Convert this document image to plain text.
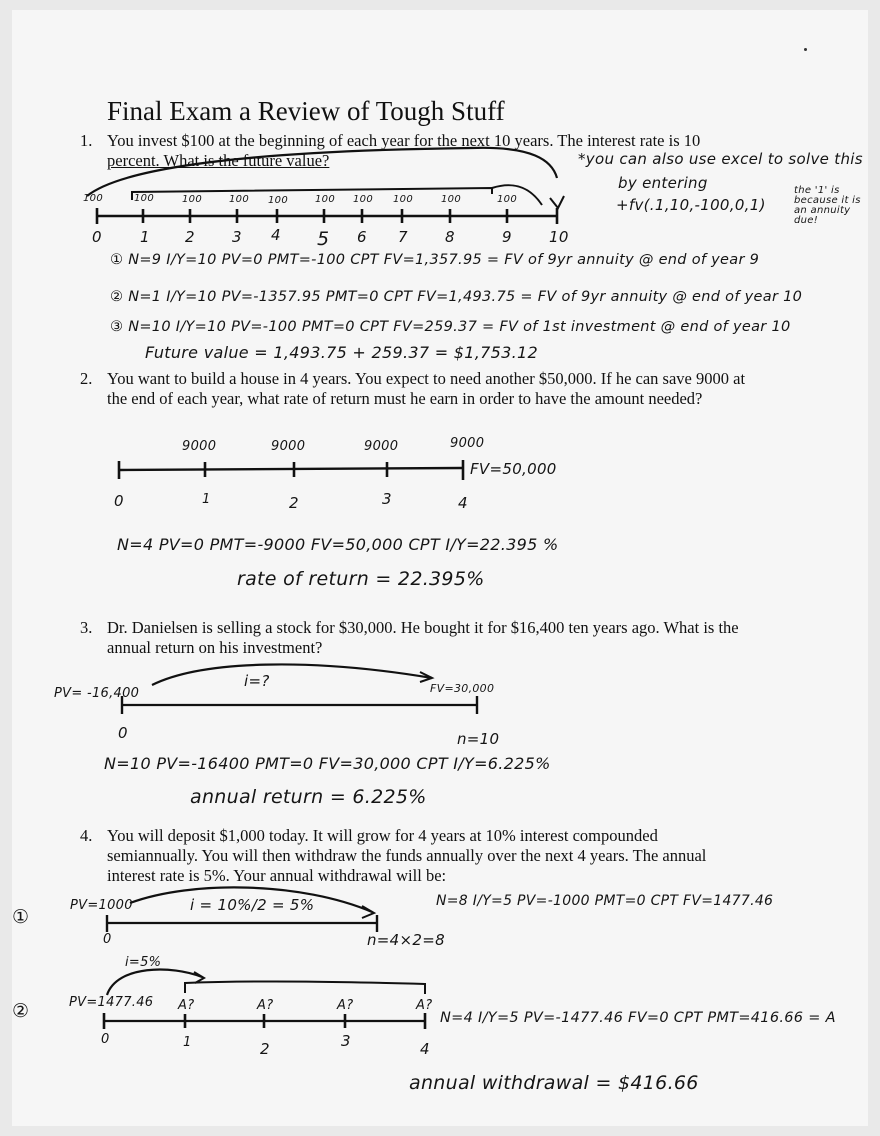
Final Exam a Review of Tough Stuff
1. You invest $100 at the beginning of each year for the next 10 years. The interest rate is 10
percent. What is the future value?	*you can also use excel to solve this
by entering
+fv(.1,10,-100,0,1)
the '1' is
because it is
an annuity
due!
100	100	100	100 100	100 100 100	100	100
0	1 2 3 4 5 6 7 8	9 10
① N=9 I/Y=10 PV=0 PMT=-100 CPT FV=1,357.95 = FV of 9yr annuity @ end of year 9
② N=1 I/Y=10 PV=-1357.95 PMT=0 CPT FV=1,493.75 = FV of 9yr annuity @ end of year 10
③ N=10 I/Y=10 PV=-100 PMT=0 CPT FV=259.37 = FV of 1st investment @ end of year 10
Future value = 1,493.75 + 259.37 = $1,753.12
2. You want to build a house in 4 years. You expect to need another $50,000. If he can save 9000 at
the end of each year, what rate of return must he earn in order to have the amount needed?
9000	9000	9000	9000
FV=50,000
0	1	2	3	4
N=4 PV=0 PMT=-9000 FV=50,000 CPT I/Y=22.395 %
rate of return = 22.395%
3. Dr. Danielsen is selling a stock for $30,000. He bought it for $16,400 ten years ago. What is the
annual return on his investment?
PV= -16,400
i=?	FV=30,000
0	n=10
N=10 PV=-16400 PMT=0 FV=30,000 CPT I/Y=6.225%
annual return = 6.225%
4. You will deposit $1,000 today. It will grow for 4 years at 10% interest compounded
semiannually. You will then withdraw the funds annually over the next 4 years. The annual
interest rate is 5%. Your annual withdrawal will be:
①
PV=1000	i = 10%/2 = 5%
0	n=4×2=8
N=8 I/Y=5 PV=-1000 PMT=0 CPT FV=1477.46
②
i=5%
PV=1477.46 A?	A?	A?	A?
0	1	2	3	4
N=4 I/Y=5 PV=-1477.46 FV=0 CPT PMT=416.66 = A
annual withdrawal = $416.66
